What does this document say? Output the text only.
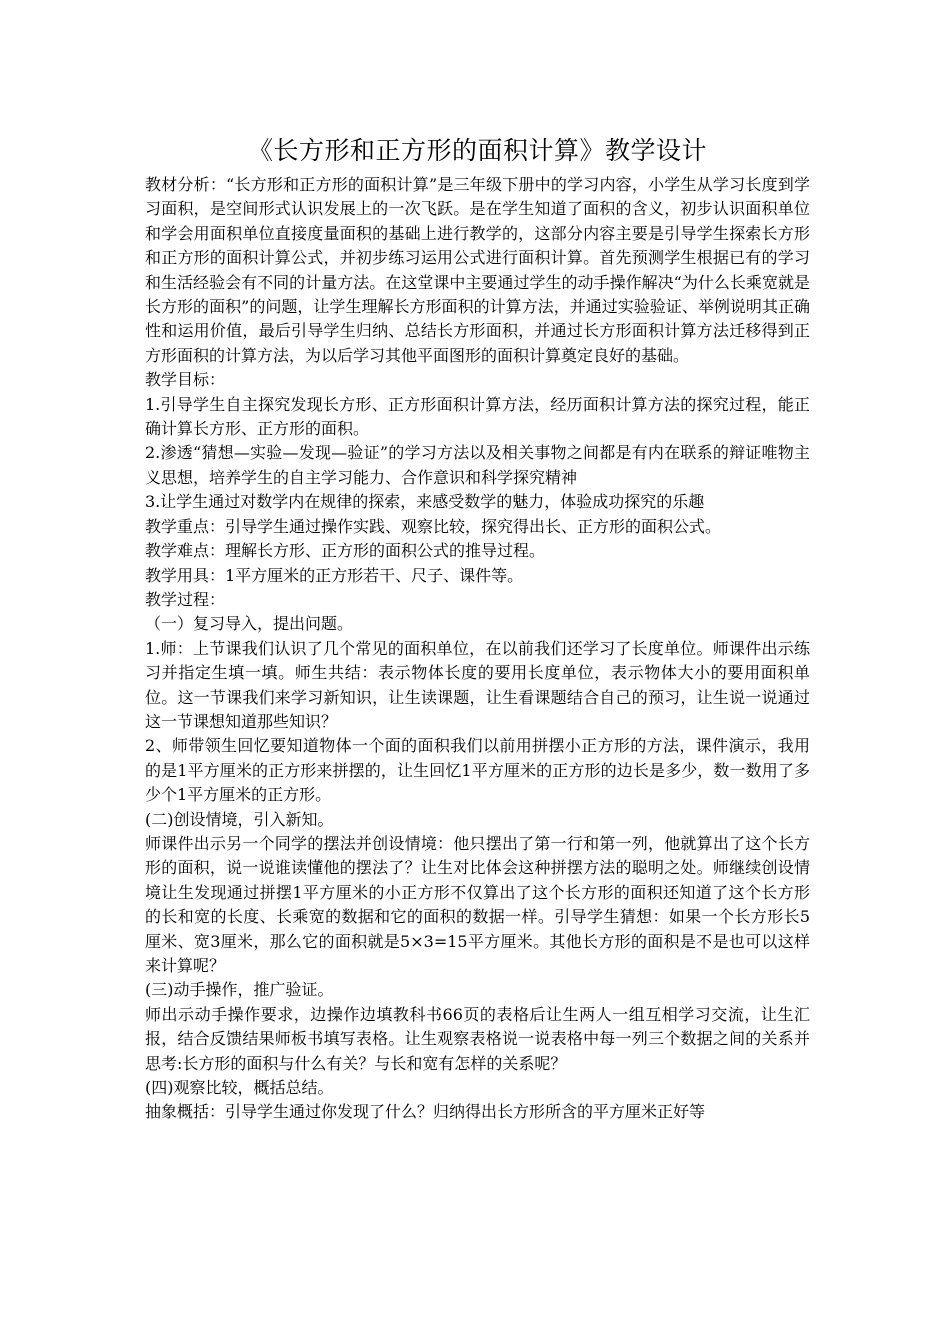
《长方形和正方形的面积计算》教学设计

教材分析：“长方形和正方形的面积计算”是三年级下册中的学习内容，小学生从学习长度到学习面积，是空间形式认识发展上的一次飞跃。是在学生知道了面积的含义，初步认识面积单位和学会用面积单位直接度量面积的基础上进行教学的，这部分内容主要是引导学生探索长方形和正方形的面积计算公式，并初步练习运用公式进行面积计算。首先预测学生根据已有的学习和生活经验会有不同的计量方法。在这堂课中主要通过学生的动手操作解决“为什么长乘宽就是长方形的面积”的问题，让学生理解长方形面积的计算方法，并通过实验验证、举例说明其正确性和运用价值，最后引导学生归纳、总结长方形面积，并通过长方形面积计算方法迁移得到正方形面积的计算方法，为以后学习其他平面图形的面积计算奠定良好的基础。

教学目标：

1.引导学生自主探究发现长方形、正方形面积计算方法，经历面积计算方法的探究过程，能正确计算长方形、正方形的面积。

2.渗透“猜想—实验—发现—验证”的学习方法以及相关事物之间都是有内在联系的辩证唯物主义思想，培养学生的自主学习能力、合作意识和科学探究精神

3.让学生通过对数学内在规律的探索，来感受数学的魅力，体验成功探究的乐趣

教学重点：引导学生通过操作实践、观察比较，探究得出长、正方形的面积公式。

教学难点：理解长方形、正方形的面积公式的推导过程。

教学用具：1平方厘米的正方形若干、尺子、课件等。

教学过程：

（一）复习导入，提出问题。

1.师：上节课我们认识了几个常见的面积单位，在以前我们还学习了长度单位。师课件出示练习并指定生填一填。师生共结：表示物体长度的要用长度单位，表示物体大小的要用面积单位。这一节课我们来学习新知识，让生读课题，让生看课题结合自己的预习，让生说一说通过这一节课想知道那些知识？

2、师带领生回忆要知道物体一个面的面积我们以前用拼摆小正方形的方法，课件演示，我用的是1平方厘米的正方形来拼摆的，让生回忆1平方厘米的正方形的边长是多少，数一数用了多少个1平方厘米的正方形。

(二)创设情境，引入新知。

师课件出示另一个同学的摆法并创设情境：他只摆出了第一行和第一列，他就算出了这个长方形的面积，说一说谁读懂他的摆法了？让生对比体会这种拼摆方法的聪明之处。师继续创设情境让生发现通过拼摆1平方厘米的小正方形不仅算出了这个长方形的面积还知道了这个长方形的长和宽的长度、长乘宽的数据和它的面积的数据一样。引导学生猜想：如果一个长方形长5厘米、宽3厘米，那么它的面积就是5×3=15平方厘米。其他长方形的面积是不是也可以这样来计算呢？

(三)动手操作，推广验证。

师出示动手操作要求，边操作边填教科书66页的表格后让生两人一组互相学习交流，让生汇报，结合反馈结果师板书填写表格。让生观察表格说一说表格中每一列三个数据之间的关系并思考:长方形的面积与什么有关？与长和宽有怎样的关系呢？

(四)观察比较，概括总结。

抽象概括：引导学生通过你发现了什么？归纳得出长方形所含的平方厘米正好等
